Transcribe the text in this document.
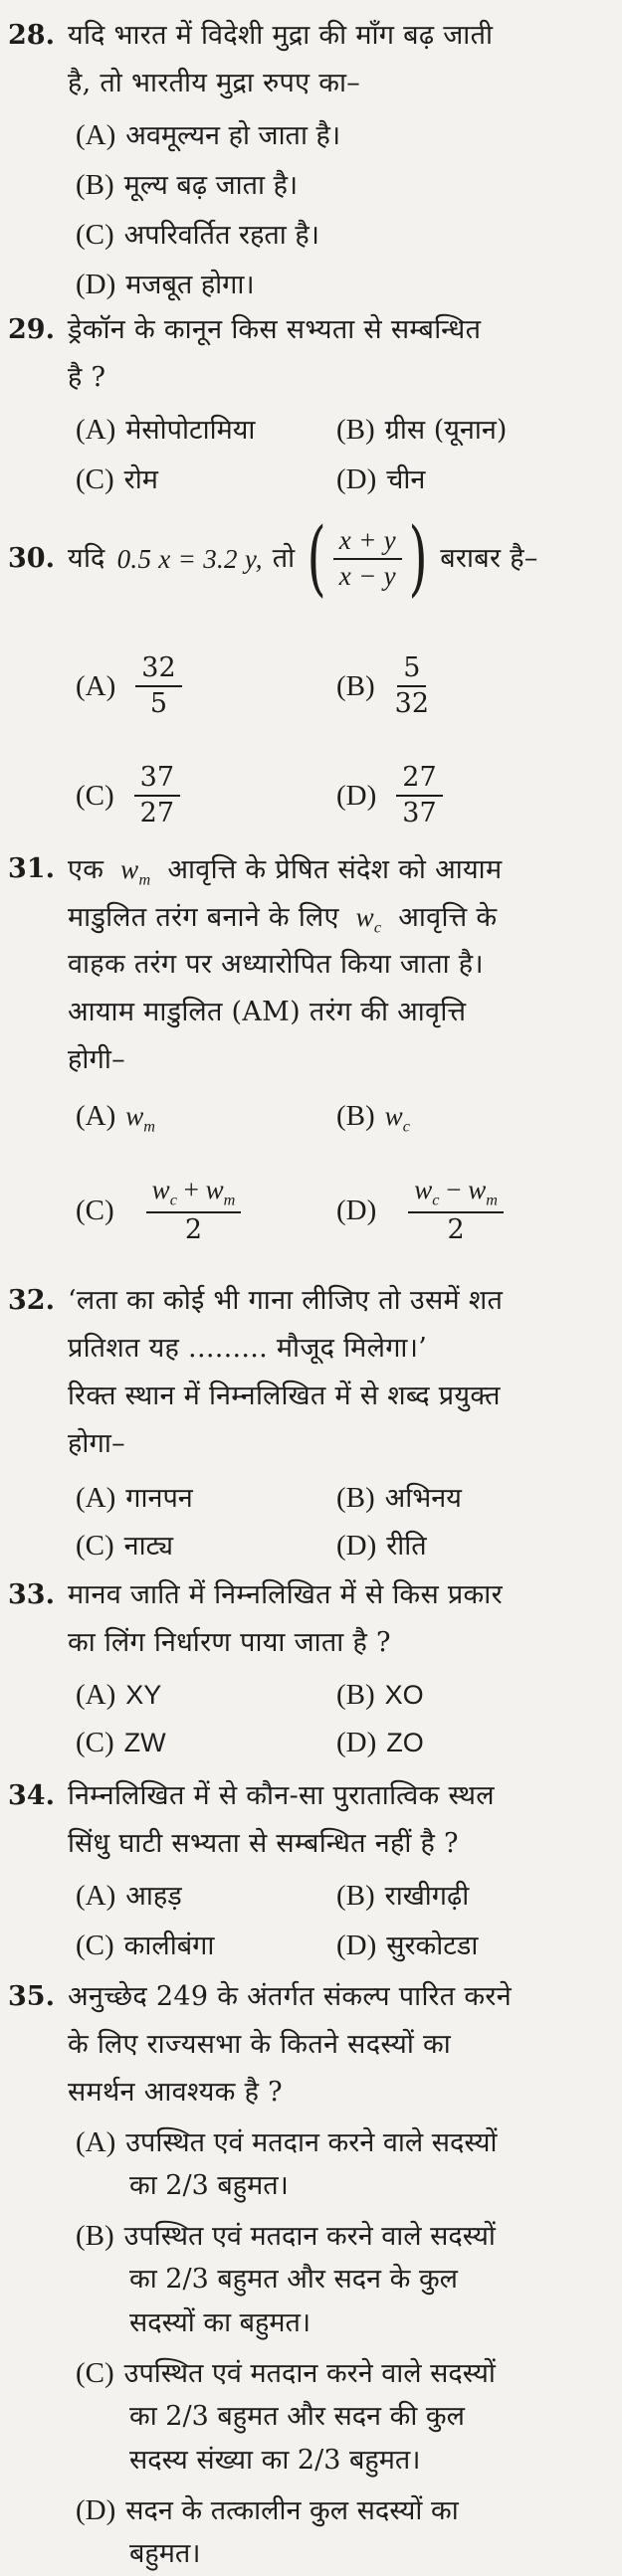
28. यदि भारत में विदेशी मुद्रा की माँग बढ़ जाती
है, तो भारतीय मुद्रा रुपए का–
(A) अवमूल्यन हो जाता है।
(B) मूल्य बढ़ जाता है।
(C) अपरिवर्तित रहता है।
(D) मजबूत होगा।
29. ड्रेकॉन के कानून किस सभ्यता से सम्बन्धित
है ?
(A) मेसोपोटामिया	(B) ग्रीस (यूनान)
(C) रोम	(D) चीन
30. यदि 0.5 x = 3.2 y, तो ( $\frac{x + y}{x - y}$ ) बराबर है–
$(A) \frac{32}{5}$	$(B) \frac{5}{32}$
$(C) \frac{37}{27}$	$(D) \frac{27}{37}$
31. एक $w_m$ आवृत्ति के प्रेषित संदेश को आयाम
माडुलित तरंग बनाने के लिए $w_c$ आवृत्ति के
वाहक तरंग पर अध्यारोपित किया जाता है।
आयाम माडुलित (AM) तरंग की आवृत्ति
होगी–
(A) $w_m$	(B) $w_c$
$(C) \frac{w_c + w_m}{2}$	$(D) \frac{w_c - w_m}{2}$
32. ‘लता का कोई भी गाना लीजिए तो उसमें शत
प्रतिशत यह ......... मौजूद मिलेगा।’
रिक्त स्थान में निम्नलिखित में से शब्द प्रयुक्त
होगा–
(A) गानपन	(B) अभिनय
(C) नाट्य	(D) रीति
33. मानव जाति में निम्नलिखित में से किस प्रकार
का लिंग निर्धारण पाया जाता है ?
(A) XY	(B) XO
(C) ZW	(D) ZO
34. निम्नलिखित में से कौन-सा पुरातात्विक स्थल
सिंधु घाटी सभ्यता से सम्बन्धित नहीं है ?
(A) आहड़	(B) राखीगढ़ी
(C) कालीबंगा	(D) सुरकोटडा
35. अनुच्छेद 249 के अंतर्गत संकल्प पारित करने
के लिए राज्यसभा के कितने सदस्यों का
समर्थन आवश्यक है ?
(A) उपस्थित एवं मतदान करने वाले सदस्यों
का 2/3 बहुमत।
(B) उपस्थित एवं मतदान करने वाले सदस्यों
का 2/3 बहुमत और सदन के कुल
सदस्यों का बहुमत।
(C) उपस्थित एवं मतदान करने वाले सदस्यों
का 2/3 बहुमत और सदन की कुल
सदस्य संख्या का 2/3 बहुमत।
(D) सदन के तत्कालीन कुल सदस्यों का
बहुमत।
